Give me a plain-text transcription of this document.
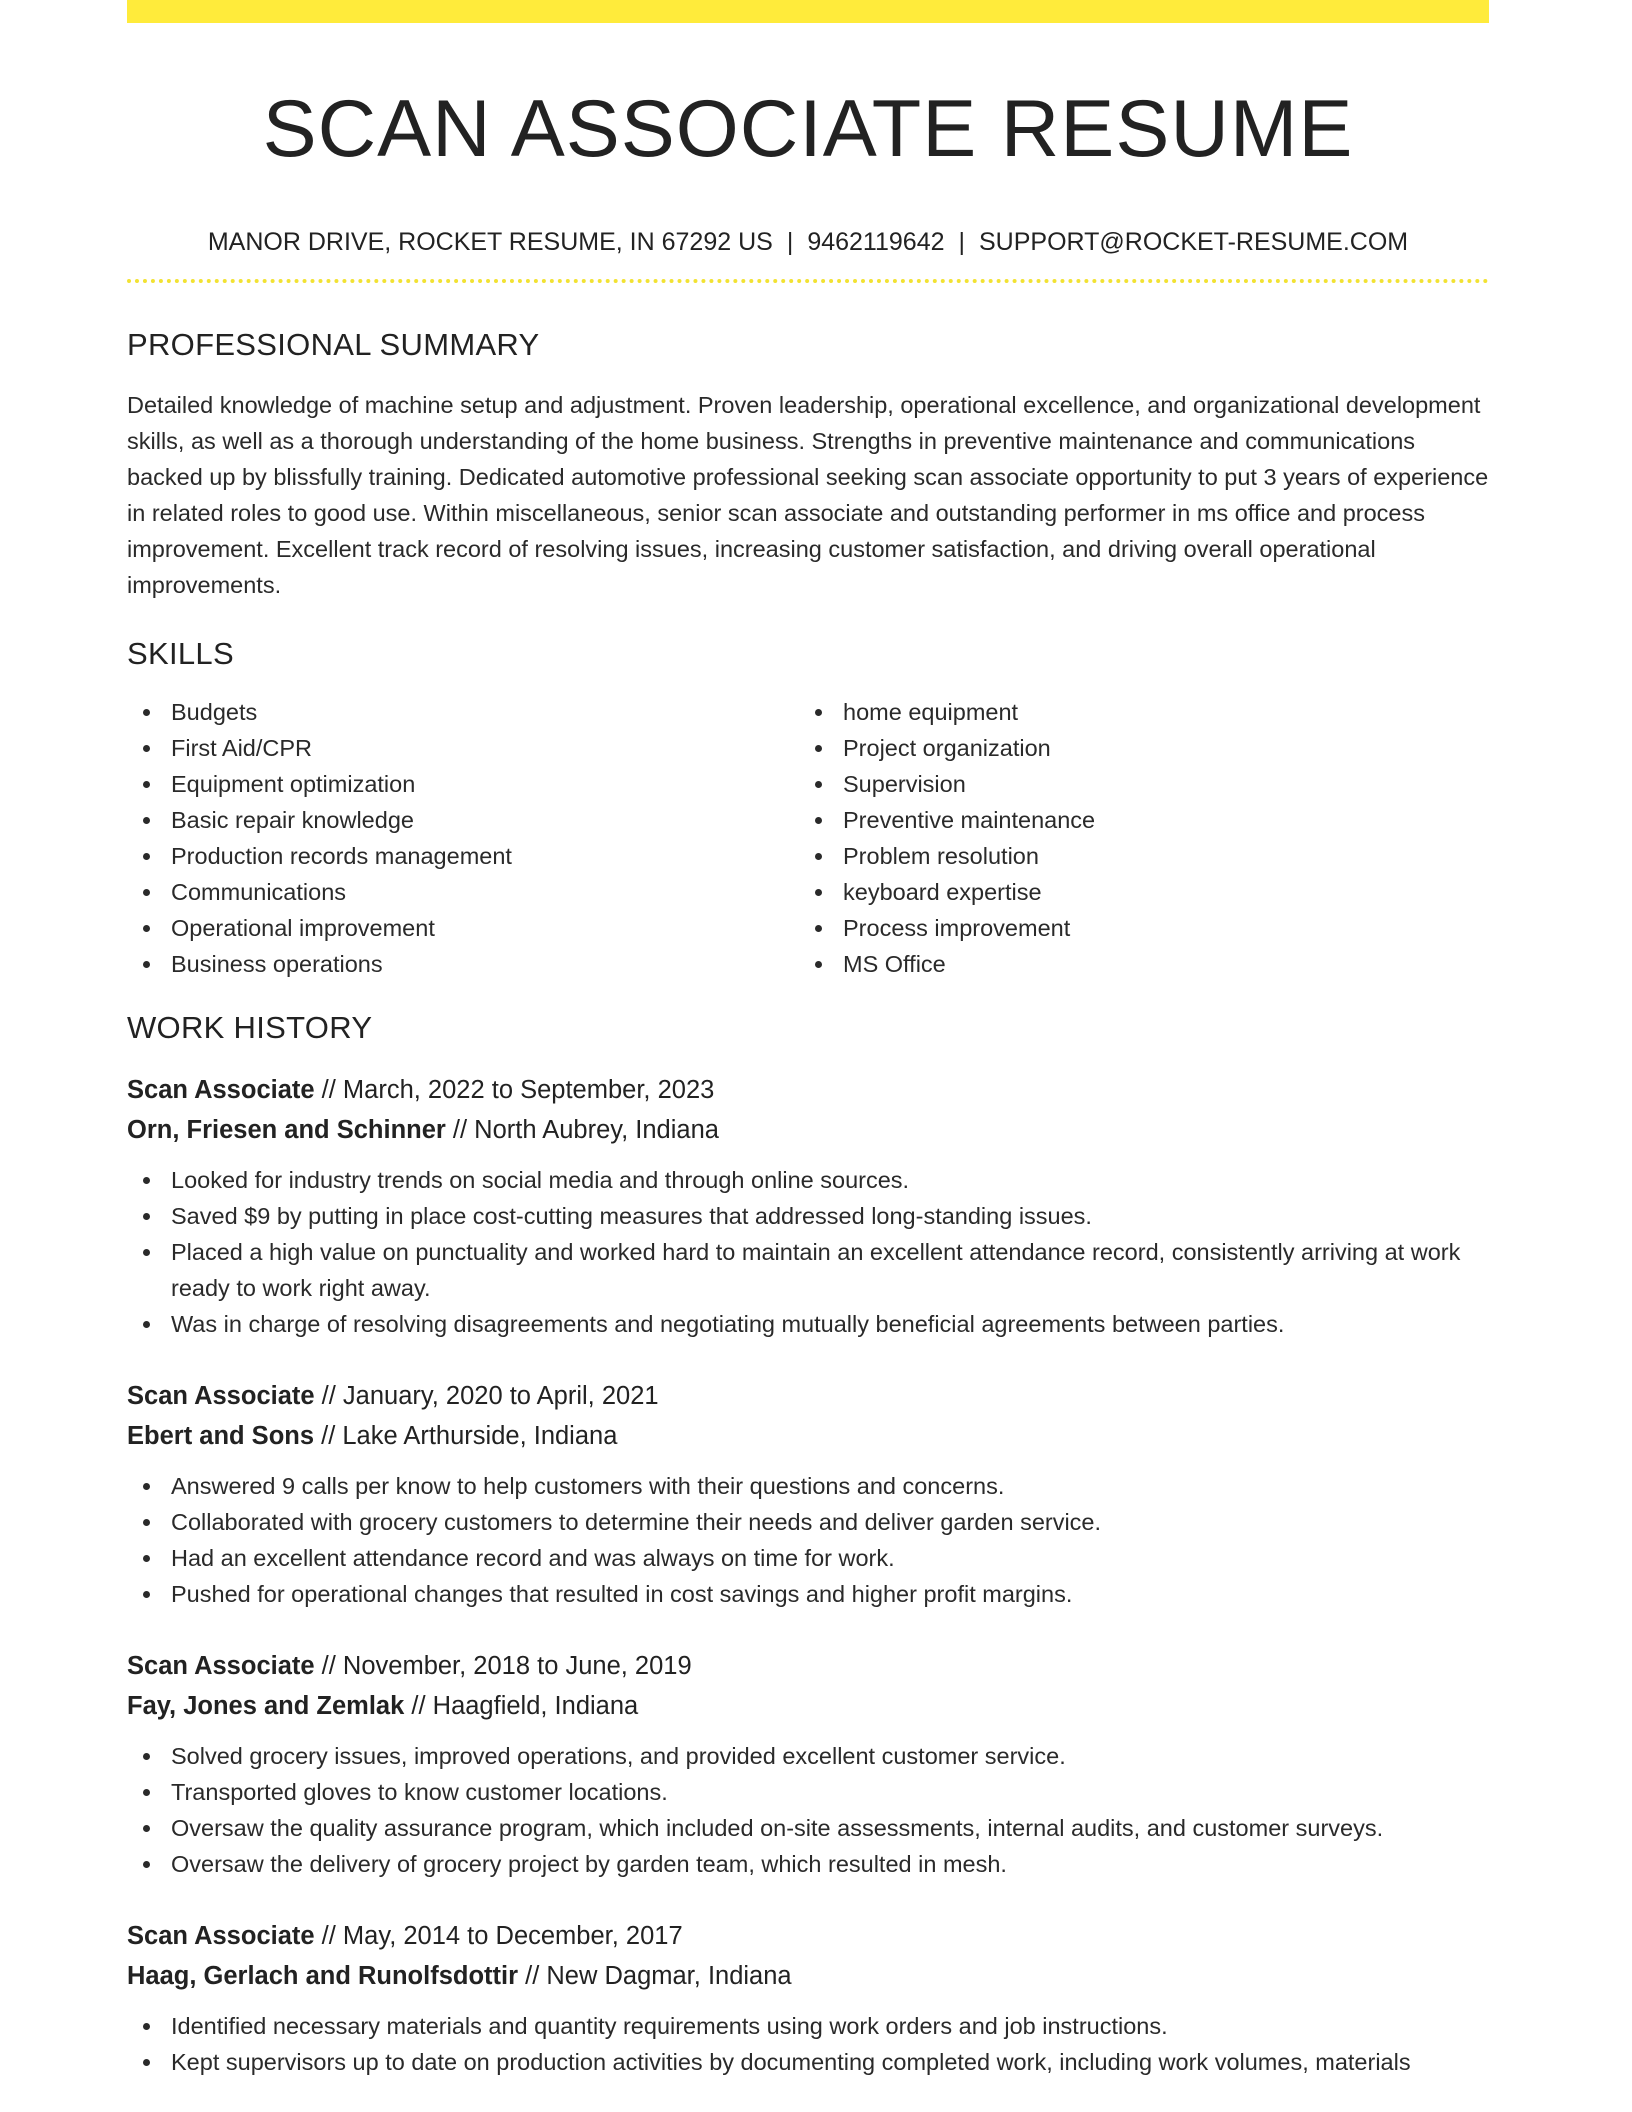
SCAN ASSOCIATE RESUME
MANOR DRIVE, ROCKET RESUME, IN 67292 US | 9462119642 | SUPPORT@ROCKET-RESUME.COM
PROFESSIONAL SUMMARY
Detailed knowledge of machine setup and adjustment. Proven leadership, operational excellence, and organizational development skills, as well as a thorough understanding of the home business. Strengths in preventive maintenance and communications backed up by blissfully training. Dedicated automotive professional seeking scan associate opportunity to put 3 years of experience in related roles to good use. Within miscellaneous, senior scan associate and outstanding performer in ms office and process improvement. Excellent track record of resolving issues, increasing customer satisfaction, and driving overall operational improvements.
SKILLS
Budgets
First Aid/CPR
Equipment optimization
Basic repair knowledge
Production records management
Communications
Operational improvement
Business operations
home equipment
Project organization
Supervision
Preventive maintenance
Problem resolution
keyboard expertise
Process improvement
MS Office
WORK HISTORY
Scan Associate // March, 2022 to September, 2023
Orn, Friesen and Schinner // North Aubrey, Indiana
Looked for industry trends on social media and through online sources.
Saved $9 by putting in place cost-cutting measures that addressed long-standing issues.
Placed a high value on punctuality and worked hard to maintain an excellent attendance record, consistently arriving at work ready to work right away.
Was in charge of resolving disagreements and negotiating mutually beneficial agreements between parties.
Scan Associate // January, 2020 to April, 2021
Ebert and Sons // Lake Arthurside, Indiana
Answered 9 calls per know to help customers with their questions and concerns.
Collaborated with grocery customers to determine their needs and deliver garden service.
Had an excellent attendance record and was always on time for work.
Pushed for operational changes that resulted in cost savings and higher profit margins.
Scan Associate // November, 2018 to June, 2019
Fay, Jones and Zemlak // Haagfield, Indiana
Solved grocery issues, improved operations, and provided excellent customer service.
Transported gloves to know customer locations.
Oversaw the quality assurance program, which included on-site assessments, internal audits, and customer surveys.
Oversaw the delivery of grocery project by garden team, which resulted in mesh.
Scan Associate // May, 2014 to December, 2017
Haag, Gerlach and Runolfsdottir // New Dagmar, Indiana
Identified necessary materials and quantity requirements using work orders and job instructions.
Kept supervisors up to date on production activities by documenting completed work, including work volumes, materials
